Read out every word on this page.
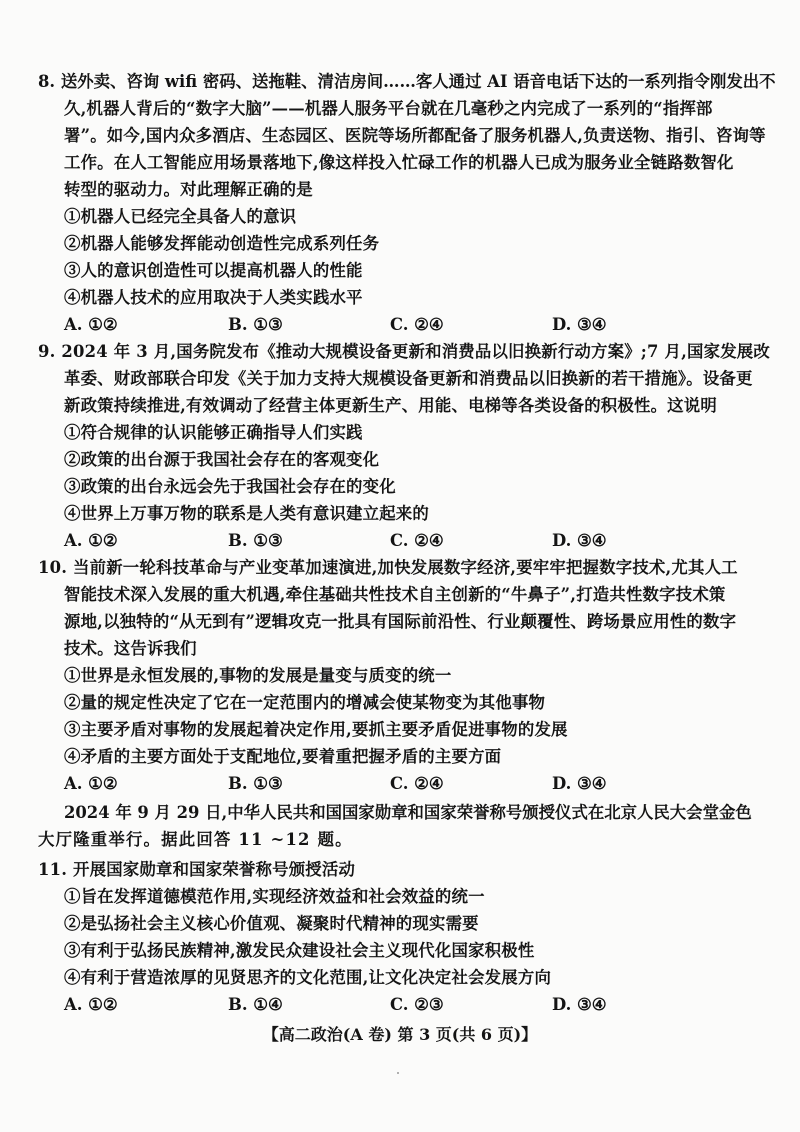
8. 送外卖、咨询 wifi 密码、送拖鞋、清洁房间……客人通过 AI 语音电话下达的一系列指令刚发出不
久,机器人背后的“数字大脑”——机器人服务平台就在几毫秒之内完成了一系列的“指挥部
署”。如今,国内众多酒店、生态园区、医院等场所都配备了服务机器人,负责送物、指引、咨询等
工作。在人工智能应用场景落地下,像这样投入忙碌工作的机器人已成为服务业全链路数智化
转型的驱动力。对此理解正确的是
①机器人已经完全具备人的意识
②机器人能够发挥能动创造性完成系列任务
③人的意识创造性可以提高机器人的性能
④机器人技术的应用取决于人类实践水平
A. ①②	B. ①③	C. ②④	D. ③④
9. 2024 年 3 月,国务院发布《推动大规模设备更新和消费品以旧换新行动方案》;7 月,国家发展改
革委、财政部联合印发《关于加力支持大规模设备更新和消费品以旧换新的若干措施》。设备更
新政策持续推进,有效调动了经营主体更新生产、用能、电梯等各类设备的积极性。这说明
①符合规律的认识能够正确指导人们实践
②政策的出台源于我国社会存在的客观变化
③政策的出台永远会先于我国社会存在的变化
④世界上万事万物的联系是人类有意识建立起来的
A. ①②	B. ①③	C. ②④	D. ③④
10. 当前新一轮科技革命与产业变革加速演进,加快发展数字经济,要牢牢把握数字技术,尤其人工
智能技术深入发展的重大机遇,牵住基础共性技术自主创新的“牛鼻子”,打造共性数字技术策
源地,以独特的“从无到有”逻辑攻克一批具有国际前沿性、行业颠覆性、跨场景应用性的数字
技术。这告诉我们
①世界是永恒发展的,事物的发展是量变与质变的统一
②量的规定性决定了它在一定范围内的增减会使某物变为其他事物
③主要矛盾对事物的发展起着决定作用,要抓主要矛盾促进事物的发展
④矛盾的主要方面处于支配地位,要着重把握矛盾的主要方面
A. ①②	B. ①③	C. ②④	D. ③④
2024 年 9 月 29 日,中华人民共和国国家勋章和国家荣誉称号颁授仪式在北京人民大会堂金色
大厅隆重举行。据此回答 11 ~12 题。
11. 开展国家勋章和国家荣誉称号颁授活动
①旨在发挥道德模范作用,实现经济效益和社会效益的统一
②是弘扬社会主义核心价值观、凝聚时代精神的现实需要
③有利于弘扬民族精神,激发民众建设社会主义现代化国家积极性
④有利于营造浓厚的见贤思齐的文化范围,让文化决定社会发展方向
A. ①②	B. ①④	C. ②③	D. ③④
【高二政治(A 卷) 第 3 页(共 6 页)】
